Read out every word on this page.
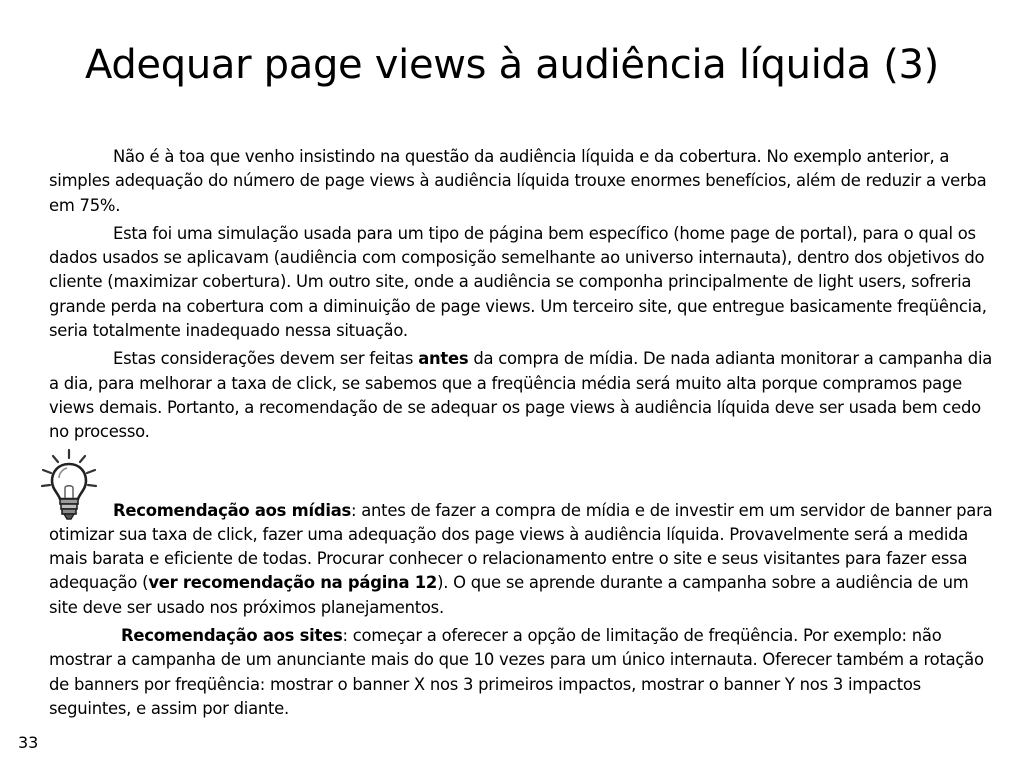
Adequar page views à audiência líquida (3)

Não é à toa que venho insistindo na questão da audiência líquida e da cobertura. No exemplo anterior, a simples adequação do número de page views à audiência líquida trouxe enormes benefícios, além de reduzir a verba em 75%.

Esta foi uma simulação usada para um tipo de página bem específico (home page de portal), para o qual os dados usados se aplicavam (audiência com composição semelhante ao universo internauta), dentro dos objetivos do cliente (maximizar cobertura). Um outro site, onde a audiência se componha principalmente de light users, sofreria grande perda na cobertura com a diminuição de page views. Um terceiro site, que entregue basicamente freqüência, seria totalmente inadequado nessa situação.

Estas considerações devem ser feitas antes da compra de mídia. De nada adianta monitorar a campanha dia a dia, para melhorar a taxa de click, se sabemos que a freqüência média será muito alta porque compramos page views demais. Portanto, a recomendação de se adequar os page views à audiência líquida deve ser usada bem cedo no processo.

Recomendação aos mídias: antes de fazer a compra de mídia e de investir em um servidor de banner para otimizar sua taxa de click, fazer uma adequação dos page views à audiência líquida. Provavelmente será a medida mais barata e eficiente de todas. Procurar conhecer o relacionamento entre o site e seus visitantes para fazer essa adequação (ver recomendação na página 12). O que se aprende durante a campanha sobre a audiência de um site deve ser usado nos próximos planejamentos.

Recomendação aos sites: começar a oferecer a opção de limitação de freqüência. Por exemplo: não mostrar a campanha de um anunciante mais do que 10 vezes para um único internauta. Oferecer também a rotação de banners por freqüência: mostrar o banner X nos 3 primeiros impactos, mostrar o banner Y nos 3 impactos seguintes, e assim por diante.

33
